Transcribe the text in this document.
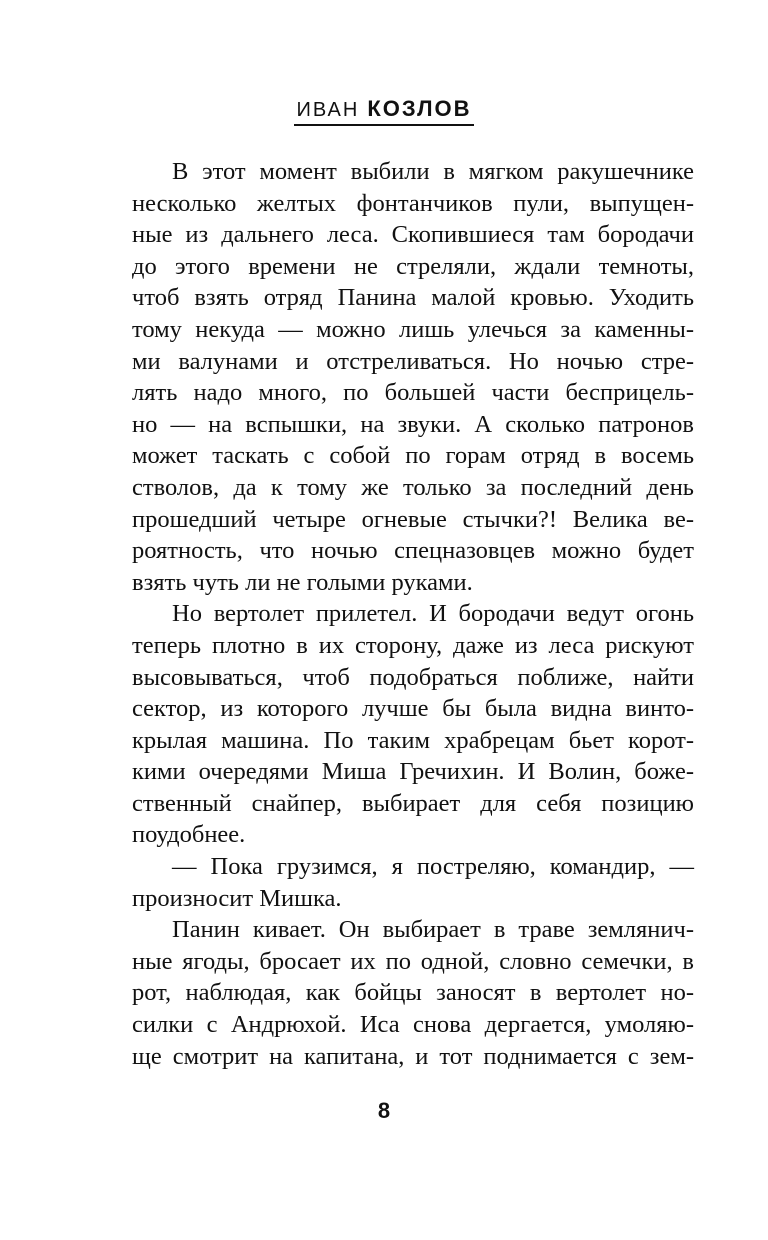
ИВАН КОЗЛОВ
В этот момент выбили в мягком ракушечнике
несколько желтых фонтанчиков пули, выпущен-
ные из дальнего леса. Скопившиеся там бородачи
до этого времени не стреляли, ждали темноты,
чтоб взять отряд Панина малой кровью. Уходить
тому некуда — можно лишь улечься за каменны-
ми валунами и отстреливаться. Но ночью стре-
лять надо много, по большей части бесприцель-
но — на вспышки, на звуки. А сколько патронов
может таскать с собой по горам отряд в восемь
стволов, да к тому же только за последний день
прошедший четыре огневые стычки?! Велика ве-
роятность, что ночью спецназовцев можно будет
взять чуть ли не голыми руками.
Но вертолет прилетел. И бородачи ведут огонь
теперь плотно в их сторону, даже из леса рискуют
высовываться, чтоб подобраться поближе, найти
сектор, из которого лучше бы была видна винто-
крылая машина. По таким храбрецам бьет корот-
кими очередями Миша Гречихин. И Волин, боже-
ственный снайпер, выбирает для себя позицию
поудобнее.
— Пока грузимся, я постреляю, командир, —
произносит Мишка.
Панин кивает. Он выбирает в траве землянич-
ные ягоды, бросает их по одной, словно семечки, в
рот, наблюдая, как бойцы заносят в вертолет но-
силки с Андрюхой. Иса снова дергается, умоляю-
ще смотрит на капитана, и тот поднимается с зем-
8
